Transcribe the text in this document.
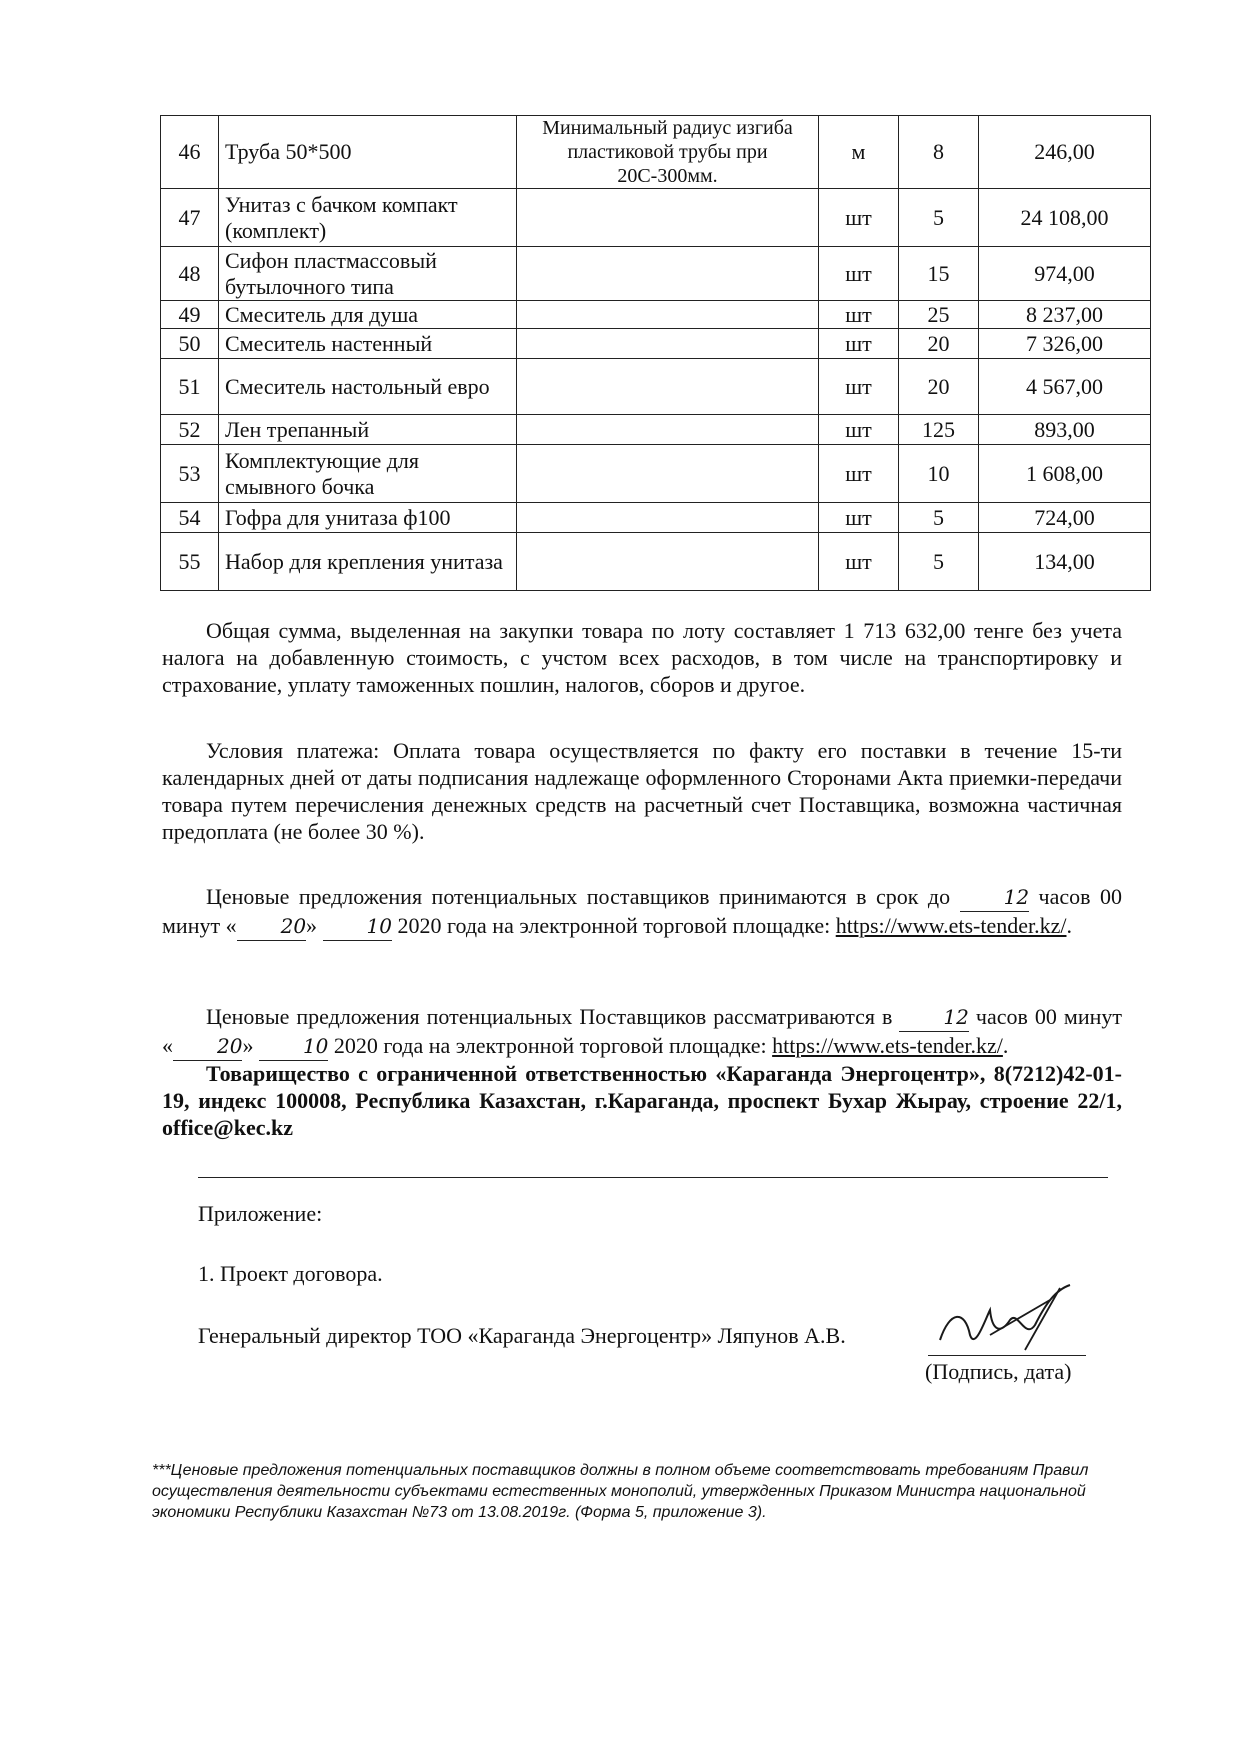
46	Труба 50*500	Минимальный радиус изгиба пластиковой трубы при 20С-300мм.	м	8	246,00
47	Унитаз с бачком компакт (комплект)		шт	5	24 108,00
48	Сифон пластмассовый бутылочного типа		шт	15	974,00
49	Смеситель для душа		шт	25	8 237,00
50	Смеситель настенный		шт	20	7 326,00
51	Смеситель настольный евро		шт	20	4 567,00
52	Лен трепанный		шт	125	893,00
53	Комплектующие для смывного бочка		шт	10	1 608,00
54	Гофра для унитаза ф100		шт	5	724,00
55	Набор для крепления унитаза		шт	5	134,00

Общая сумма, выделенная на закупки товара по лоту составляет 1 713 632,00 тенге без учета налога на добавленную стоимость, с учстом всех расходов, в том числе на транспортировку и страхование, уплату таможенных пошлин, налогов, сборов и другое.

Условия платежа: Оплата товара осуществляется по факту его поставки в течение 15-ти календарных дней от даты подписания надлежаще оформленного Сторонами Акта приемки-передачи товара путем перечисления денежных средств на расчетный счет Поставщика, возможна частичная предоплата (не более 30 %).

Ценовые предложения потенциальных поставщиков принимаются в срок до	12 часов 00 минут « 20» 10 2020 года на электронной торговой площадке: https://www.ets-tender.kz/.

Ценовые предложения потенциальных Поставщиков рассматриваются в	12 часов 00 минут « 20» 10 2020 года на электронной торговой площадке: https://www.ets-tender.kz/.

Товарищество с ограниченной ответственностью «Караганда Энергоцентр», 8(7212)42-01-19, индекс 100008, Республика Казахстан, г.Караганда, проспект Бухар Жырау, строение 22/1, office@kec.kz

Приложение:
1. Проект договора.
Генеральный директор ТОО «Караганда Энергоцентр» Ляпунов А.В.
(Подпись, дата)
***Ценовые предложения потенциальных поставщиков должны в полном объеме соответствовать требованиям Правил осуществления деятельности субъектами естественных монополий, утвержденных Приказом Министра национальной экономики Республики Казахстан №73 от 13.08.2019г. (Форма 5, приложение 3).
